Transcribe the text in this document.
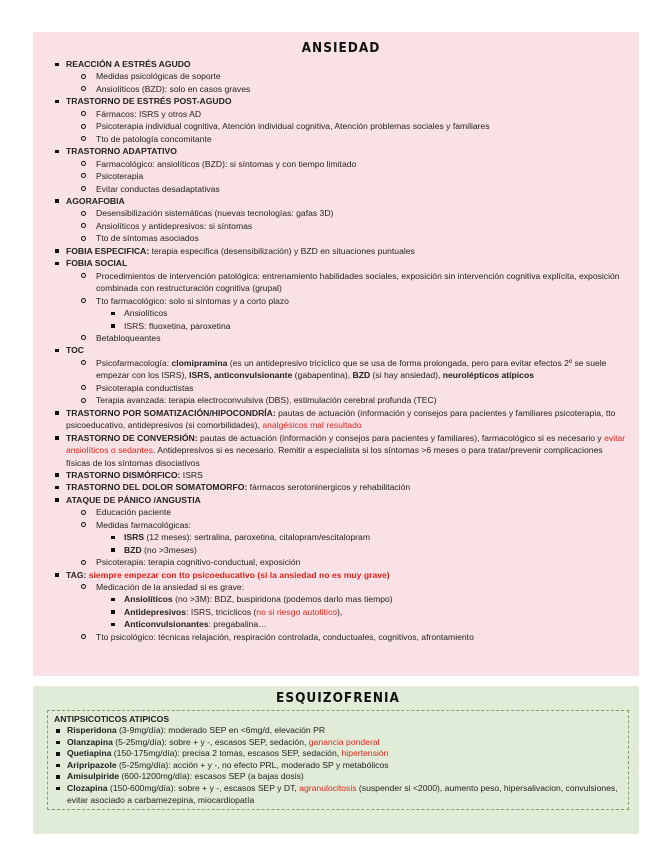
ANSIEDAD
REACCIÓN A ESTRÉS AGUDO
Medidas psicológicas de soporte
Ansiolíticos (BZD): solo en casos graves
TRASTORNO DE ESTRÉS POST-AGUDO
Fármacos: ISRS y otros AD
Psicoterapia individual cognitiva, Atención individual cognitiva, Atención problemas sociales y familiares
Tto de patología concomitante
TRASTORNO ADAPTATIVO
Farmacológico: ansiolíticos (BZD): si síntomas y con tiempo limitado
Psicoterapia
Evitar conductas desadaptativas
AGORAFOBIA
Desensibilización sistemáticas (nuevas tecnologías: gafas 3D)
Ansiolíticos y antidepresivos: si síntomas
Tto de síntomas asociados
FOBIA ESPECIFICA: terapia especifica (desensibilización) y BZD en situaciones puntuales
FOBIA SOCIAL
Procedimientos de intervención patológica: entrenamiento habilidades sociales, exposición sin intervención cognitiva explícita, exposición combinada con restructuración cognitiva (grupal)
Tto farmacológico: solo si síntomas y a corto plazo
Ansiolíticos
ISRS: fluoxetina, paroxetina
Betabloqueantes
TOC
Psicofarmacología: clomipramina (es un antidepresivo tricíclico que se usa de forma prolongada, pero para evitar efectos 2º se suele empezar con los ISRS), ISRS, anticonvulsionante (gabapentina), BZD (si hay ansiedad), neurolépticos atípicos
Psicoterapia conductistas
Terapia avanzada: terapia electroconvulsiva (DBS), estimulación cerebral profunda (TEC)
TRASTORNO POR SOMATIZACIÓN/HIPOCONDRÍA: pautas de actuación (información y consejos para pacientes y familiares psicoterapia, tto psicoeducativo, antidepresivos (si comorbilidades), analgésicos mal resultado
TRASTORNO DE CONVERSIÓN: pautas de actuación (información y consejos para pacientes y familiares), farmacológico si es necesario y evitar ansiolíticos o sedantes. Antidepresivos si es necesario. Remitir a especialista si los síntomas >6 meses o para tratar/prevenir complicaciones físicas de los síntomas disociativos
TRASTORNO DISMÓRFICO: ISRS
TRASTORNO DEL DOLOR SOMATOMORFO: fármacos serotoninergicos y rehabilitación
ATAQUE DE PÁNICO /ANGUSTIA
Educación paciente
Medidas farmacológicas:
ISRS (12 meses): sertralina, paroxetina, citalopram/escitalopram
BZD (no >3meses)
Psicoterapia: terapia cognitivo-conductual, exposición
TAG: siempre empezar con tto psicoeducativo (si la ansiedad no es muy grave)
Medicación de la ansiedad si es grave:
Ansiolíticos (no >3M): BDZ, buspiridona (podemos darlo mas tiempo)
Antidepresivos: ISRS, tricíclicos (no si riesgo autolítico),
Anticonvulsionantes: pregabalina…
Tto psicológico: técnicas relajación, respiración controlada, conductuales, cognitivos, afrontamiento
ESQUIZOFRENIA
ANTIPSICOTICOS ATIPICOS
Risperidona (3-9mg/día): moderado SEP en <6mg/d, elevación PR
Olanzapina (5-25mg/día): sobre + y -, escasos SEP, sedación, ganancia ponderal
Quetiapina (150-175mg/día): precisa 2 tomas, escasos SEP, sedación, hipertensión
Aripripazole (5-25mg/día): acción + y -, no efecto PRL, moderado SP y metabólicos
Amisulpiride (600-1200mg/día): escasos SEP (a bajas dosis)
Clozapina (150-600mg/día): sobre + y -, escasos SEP y DT, agranulocitosis (suspender si <2000), aumento peso, hipersalivacion, convulsiones, evitar asociado a carbamezepina, miocardiopatía
